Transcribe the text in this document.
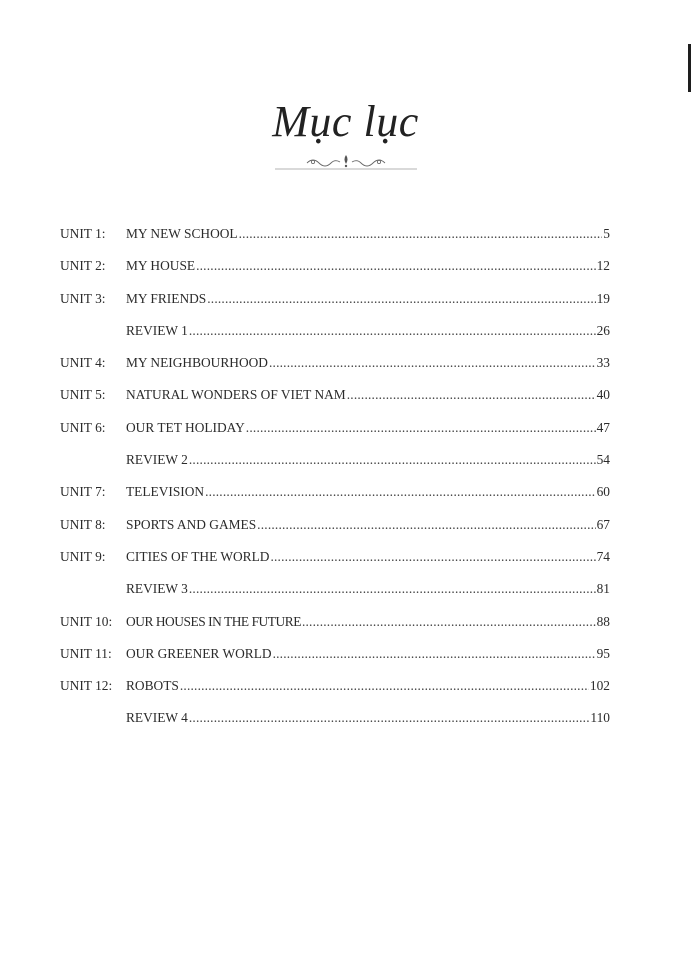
Mục lục
UNIT 1:	MY NEW SCHOOL .....	5
UNIT 2:	MY HOUSE .....	12
UNIT 3:	MY FRIENDS .....	19
REVIEW 1 .....	26
UNIT 4:	MY NEIGHBOURHOOD .....	33
UNIT 5:	NATURAL WONDERS OF VIET NAM .....	40
UNIT 6:	OUR TET HOLIDAY .....	47
REVIEW 2 .....	54
UNIT 7:	TELEVISION .....	60
UNIT 8:	SPORTS AND GAMES .....	67
UNIT 9:	CITIES OF THE WORLD .....	74
REVIEW 3 .....	81
UNIT 10:	OUR HOUSES IN THE FUTURE .....	88
UNIT 11:	OUR GREENER WORLD .....	95
UNIT 12:	ROBOTS .....	102
REVIEW 4 .....	110
